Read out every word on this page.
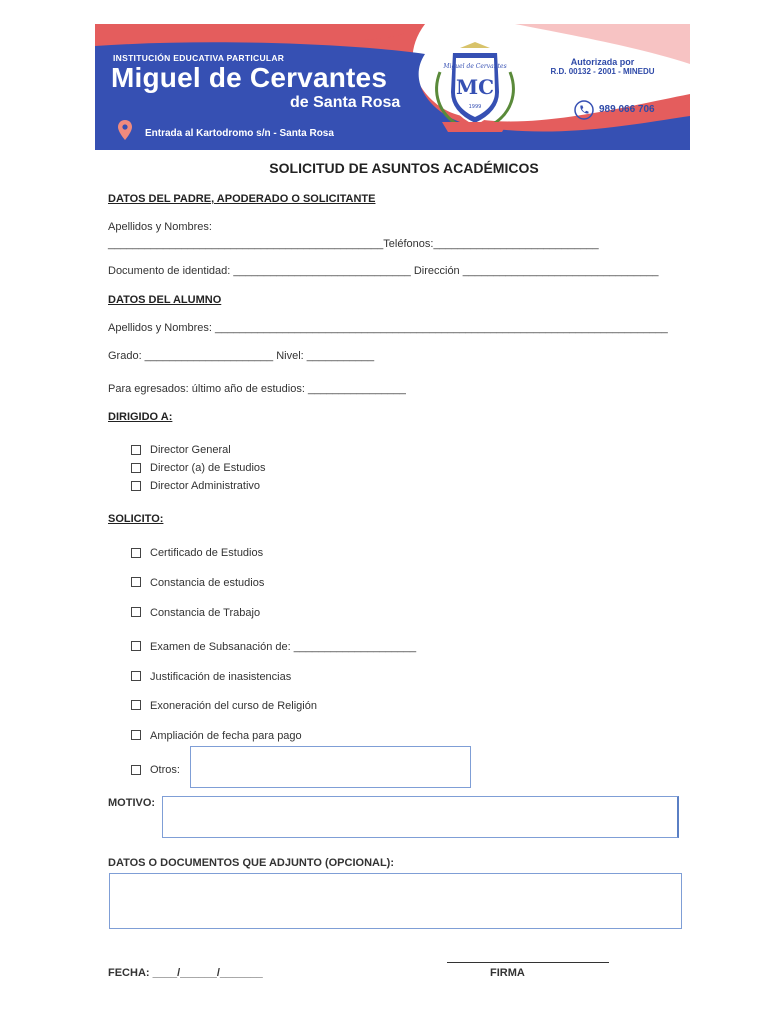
INSTITUCIÓN EDUCATIVA PARTICULAR
Miguel de Cervantes
de Santa Rosa
Entrada al Kartodromo s/n - Santa Rosa
Miguel de Cervantes
MC
1999
Autorizada por
R.D. 00132 - 2001 - MINEDU
989 066 706
SOLICITUD DE ASUNTOS ACADÉMICOS
DATOS DEL PADRE, APODERADO O SOLICITANTE
Apellidos y Nombres:
_____________________________________________Teléfonos:___________________________
Documento de identidad: _____________________________ Dirección ________________________________
DATOS DEL ALUMNO
Apellidos y Nombres: __________________________________________________________________________
Grado: _____________________ Nivel: ___________
Para egresados: último año de estudios: ________________
DIRIGIDO A:
Director General
Director (a) de Estudios
Director Administrativo
SOLICITO:
Certificado de Estudios
Constancia de estudios
Constancia de Trabajo
Examen de Subsanación de: ____________________
Justificación de inasistencias
Exoneración del curso de Religión
Ampliación de fecha para pago
Otros:
MOTIVO:
DATOS O DOCUMENTOS QUE ADJUNTO (OPCIONAL):
FECHA: ____/______/_______	FIRMA
